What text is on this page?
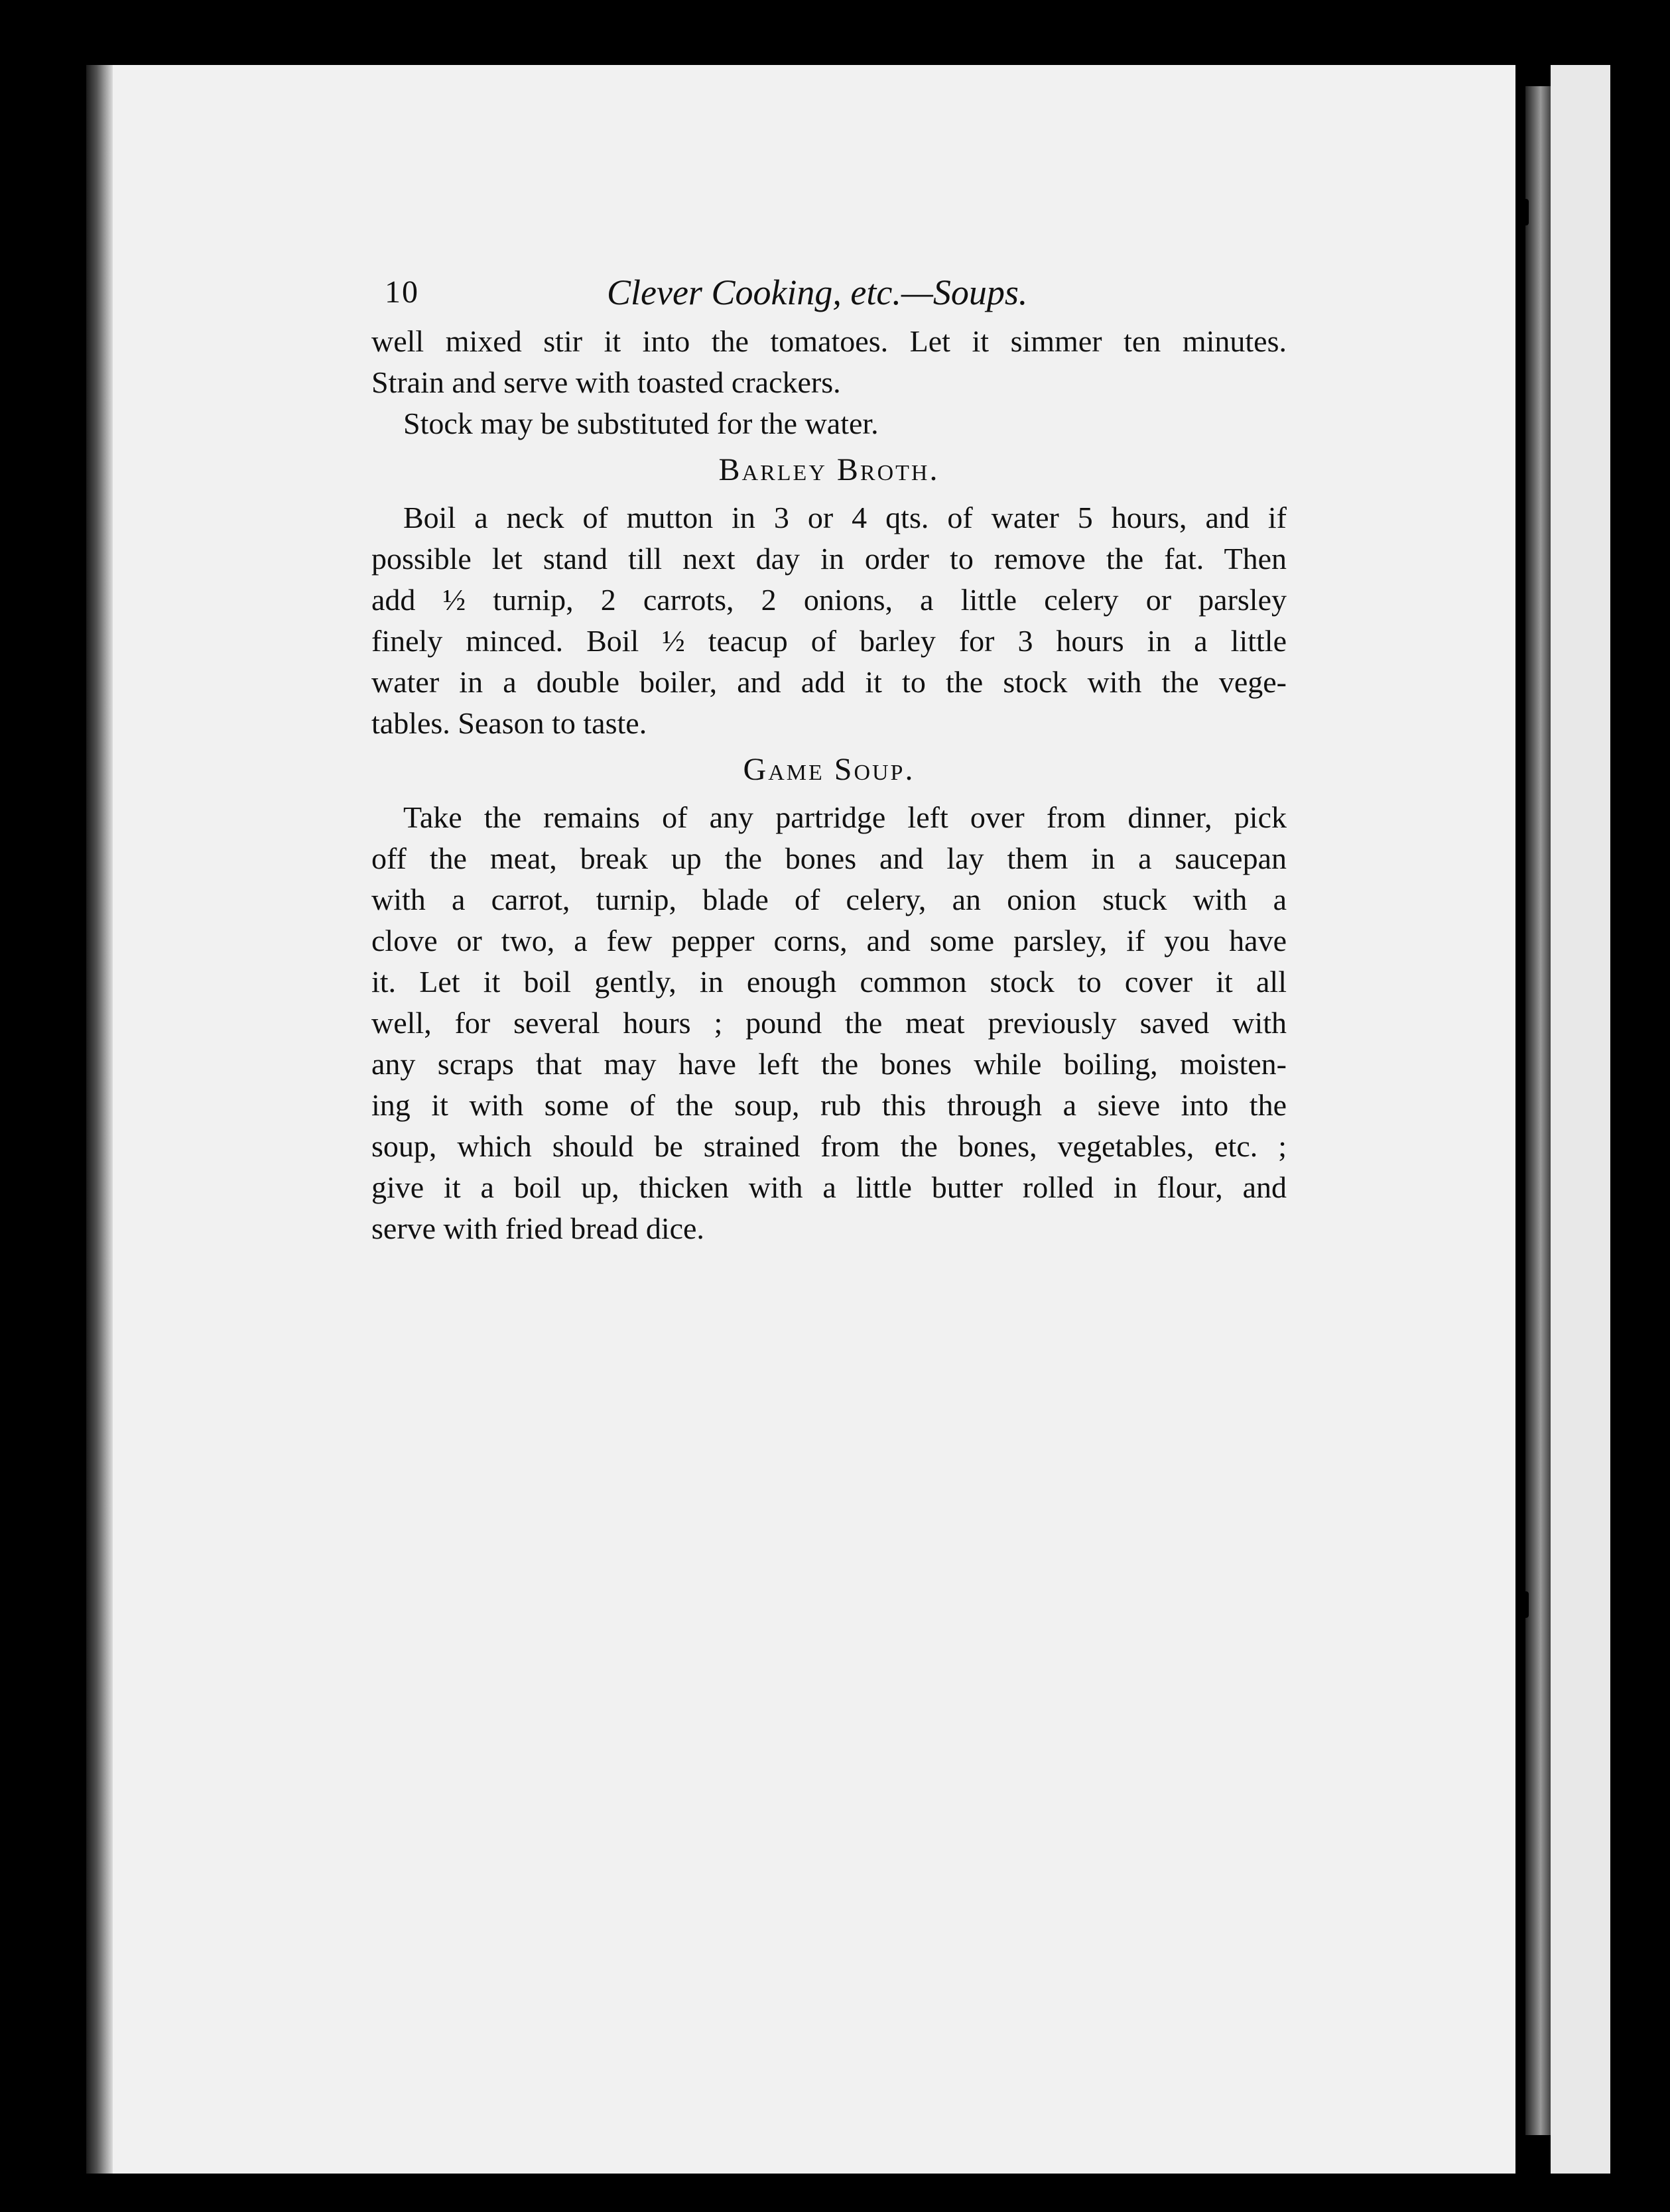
10	Clever Cooking, etc.—Soups.
well mixed stir it into the tomatoes. Let it simmer ten minutes.
Strain and serve with toasted crackers.
Stock may be substituted for the water.
Barley Broth.
Boil a neck of mutton in 3 or 4 qts. of water 5 hours, and if
possible let stand till next day in order to remove the fat. Then
add ½ turnip, 2 carrots, 2 onions, a little celery or parsley
finely minced. Boil ½ teacup of barley for 3 hours in a little
water in a double boiler, and add it to the stock with the vege-
tables. Season to taste.
Game Soup.
Take the remains of any partridge left over from dinner, pick
off the meat, break up the bones and lay them in a saucepan
with a carrot, turnip, blade of celery, an onion stuck with a
clove or two, a few pepper corns, and some parsley, if you have
it. Let it boil gently, in enough common stock to cover it all
well, for several hours ; pound the meat previously saved with
any scraps that may have left the bones while boiling, moisten-
ing it with some of the soup, rub this through a sieve into the
soup, which should be strained from the bones, vegetables, etc. ;
give it a boil up, thicken with a little butter rolled in flour, and
serve with fried bread dice.
